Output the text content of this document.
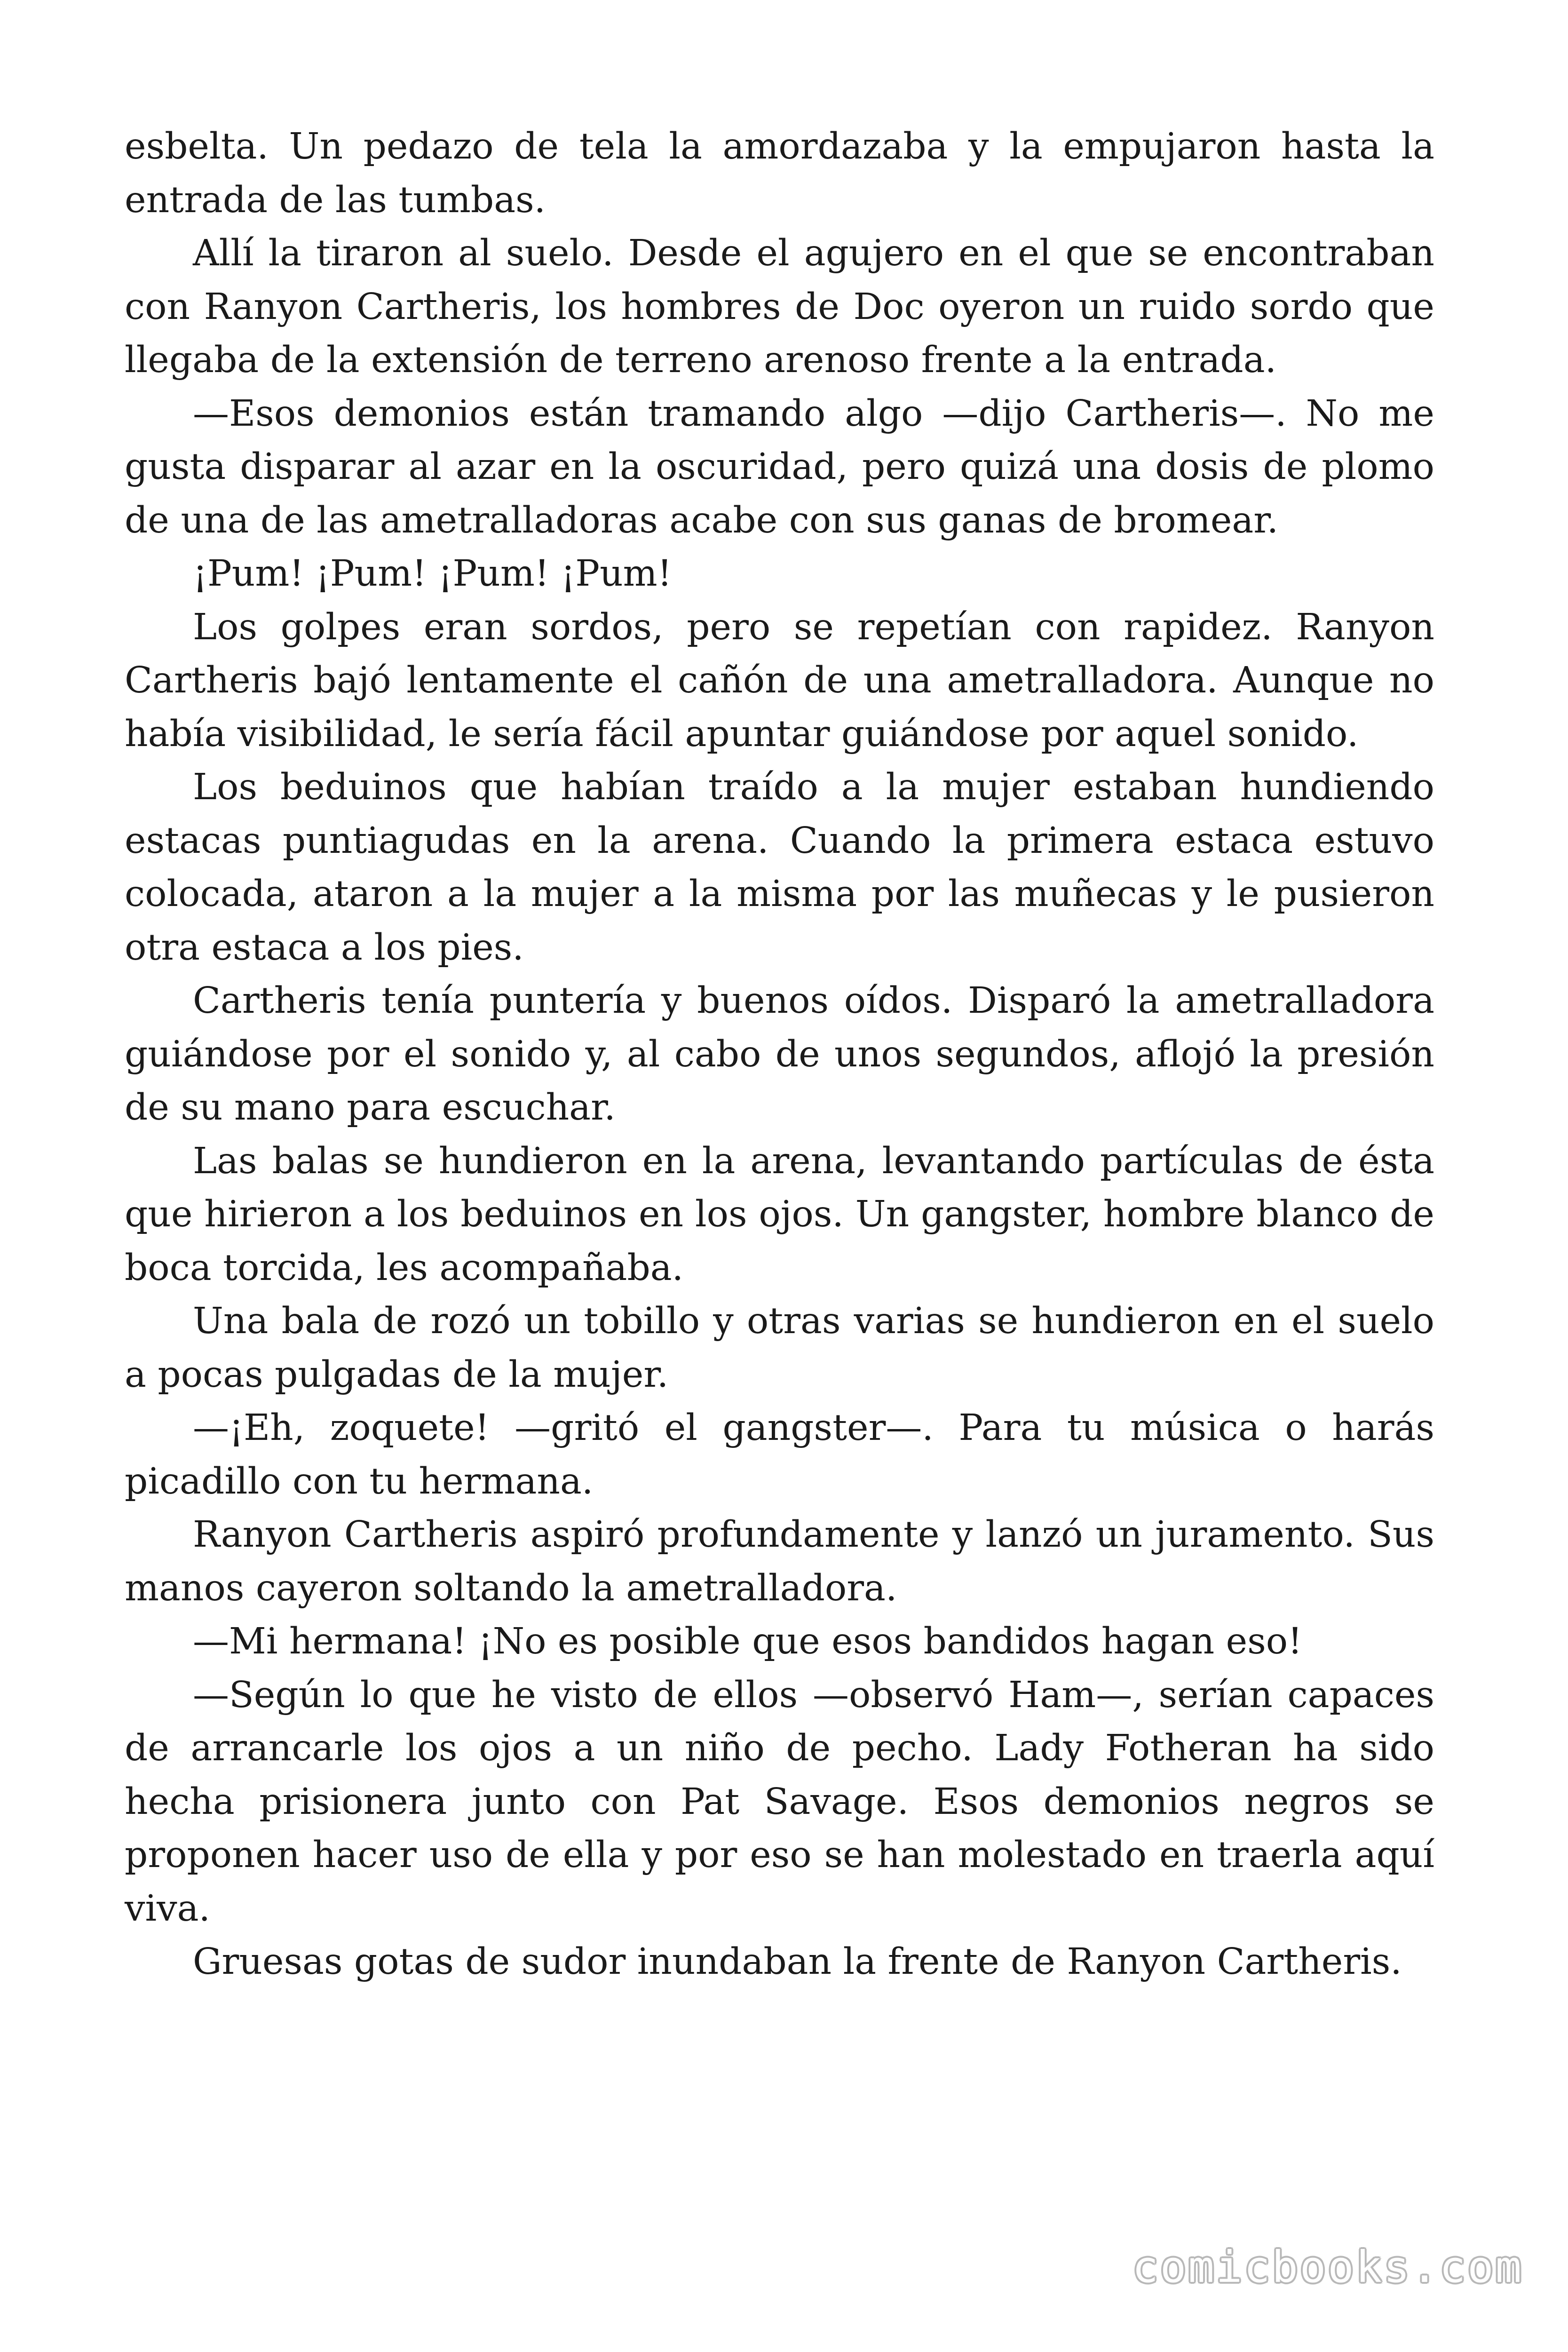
esbelta. Un pedazo de tela la amordazaba y la empujaron hasta la entrada de las tumbas.

Allí la tiraron al suelo. Desde el agujero en el que se encontraban con Ranyon Cartheris, los hombres de Doc oyeron un ruido sordo que llegaba de la extensión de terreno arenoso frente a la entrada.

—Esos demonios están tramando algo —dijo Cartheris—. No me gusta disparar al azar en la oscuridad, pero quizá una dosis de plomo de una de las ametralladoras acabe con sus ganas de bromear.

¡Pum! ¡Pum! ¡Pum! ¡Pum!

Los golpes eran sordos, pero se repetían con rapidez. Ranyon Cartheris bajó lentamente el cañón de una ametralladora. Aunque no había visibilidad, le sería fácil apuntar guiándose por aquel sonido.

Los beduinos que habían traído a la mujer estaban hundiendo estacas puntiagudas en la arena. Cuando la primera estaca estuvo colocada, ataron a la mujer a la misma por las muñecas y le pusieron otra estaca a los pies.

Cartheris tenía puntería y buenos oídos. Disparó la ametralladora guiándose por el sonido y, al cabo de unos segundos, aflojó la presión de su mano para escuchar.

Las balas se hundieron en la arena, levantando partículas de ésta que hirieron a los beduinos en los ojos. Un gangster, hombre blanco de boca torcida, les acompañaba.

Una bala de rozó un tobillo y otras varias se hundieron en el suelo a pocas pulgadas de la mujer.

—¡Eh, zoquete! —gritó el gangster—. Para tu música o harás picadillo con tu hermana.

Ranyon Cartheris aspiró profundamente y lanzó un juramento. Sus manos cayeron soltando la ametralladora.

—Mi hermana! ¡No es posible que esos bandidos hagan eso!

—Según lo que he visto de ellos —observó Ham—, serían capaces de arrancarle los ojos a un niño de pecho. Lady Fotheran ha sido hecha prisionera junto con Pat Savage. Esos demonios negros se proponen hacer uso de ella y por eso se han molestado en traerla aquí viva.

Gruesas gotas de sudor inundaban la frente de Ranyon Cartheris.

comicbooks.com
